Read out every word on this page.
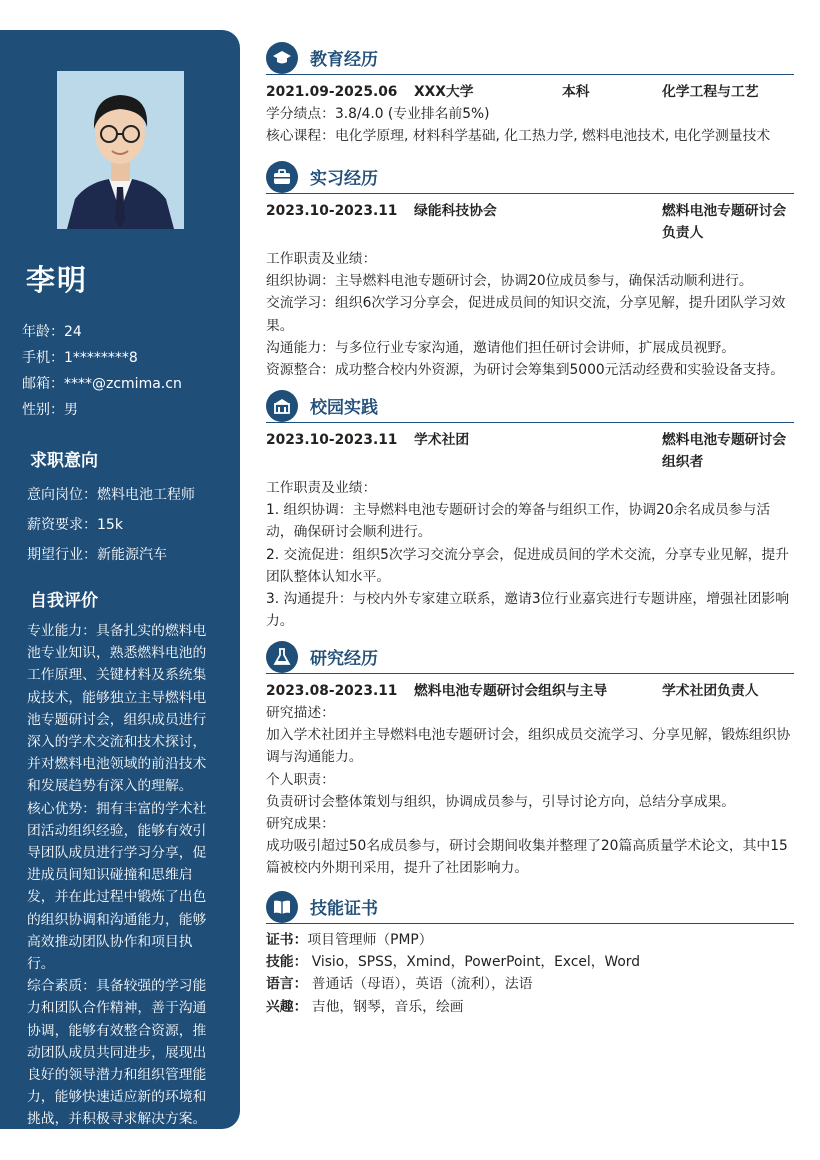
李明
年龄：24
手机：1********8
邮箱：****@zcmima.cn
性别：男
求职意向
意向岗位：燃料电池工程师
薪资要求：15k
期望行业：新能源汽车
自我评价

专业能力：具备扎实的燃料电池专业知识，熟悉燃料电池的工作原理、关键材料及系统集成技术，能够独立主导燃料电池专题研讨会，组织成员进行深入的学术交流和技术探讨，并对燃料电池领域的前沿技术和发展趋势有深入的理解。

核心优势：拥有丰富的学术社团活动组织经验，能够有效引导团队成员进行学习分享，促进成员间知识碰撞和思维启发，并在此过程中锻炼了出色的组织协调和沟通能力，能够高效推动团队协作和项目执行。

综合素质：具备较强的学习能力和团队合作精神，善于沟通协调，能够有效整合资源，推动团队成员共同进步，展现出良好的领导潜力和组织管理能力，能够快速适应新的环境和挑战，并积极寻求解决方案。

教育经历
2021.09-2025.06 XXX大学	本科	化学工程与工艺
学分绩点：3.8/4.0 (专业排名前5%)
核心课程：电化学原理, 材料科学基础, 化工热力学, 燃料电池技术, 电化学测量技术
实习经历
2023.10-2023.11 绿能科技协会	燃料电池专题研讨会负责人

工作职责及业绩：

组织协调：主导燃料电池专题研讨会，协调20位成员参与，确保活动顺利进行。

交流学习：组织6次学习分享会，促进成员间的知识交流，分享见解，提升团队学习效果。

沟通能力：与多位行业专家沟通，邀请他们担任研讨会讲师，扩展成员视野。

资源整合：成功整合校内外资源，为研讨会筹集到5000元活动经费和实验设备支持。

校园实践
2023.10-2023.11 学术社团	燃料电池专题研讨会组织者

工作职责及业绩：

1. 组织协调：主导燃料电池专题研讨会的筹备与组织工作，协调20余名成员参与活动，确保研讨会顺利进行。

2. 交流促进：组织5次学习交流分享会，促进成员间的学术交流，分享专业见解，提升团队整体认知水平。

3. 沟通提升：与校内外专家建立联系，邀请3位行业嘉宾进行专题讲座，增强社团影响力。

研究经历
2023.08-2023.11 燃料电池专题研讨会组织与主导	学术社团负责人

研究描述：

加入学术社团并主导燃料电池专题研讨会，组织成员交流学习、分享见解，锻炼组织协调与沟通能力。

个人职责：

负责研讨会整体策划与组织，协调成员参与，引导讨论方向，总结分享成果。

研究成果：

成功吸引超过50名成员参与，研讨会期间收集并整理了20篇高质量学术论文，其中15篇被校内外期刊采用，提升了社团影响力。

技能证书
证书：项目管理师（PMP）
技能： Visio，SPSS，Xmind，PowerPoint，Excel，Word
语言： 普通话（母语），英语（流利），法语
兴趣： 吉他，钢琴，音乐，绘画
